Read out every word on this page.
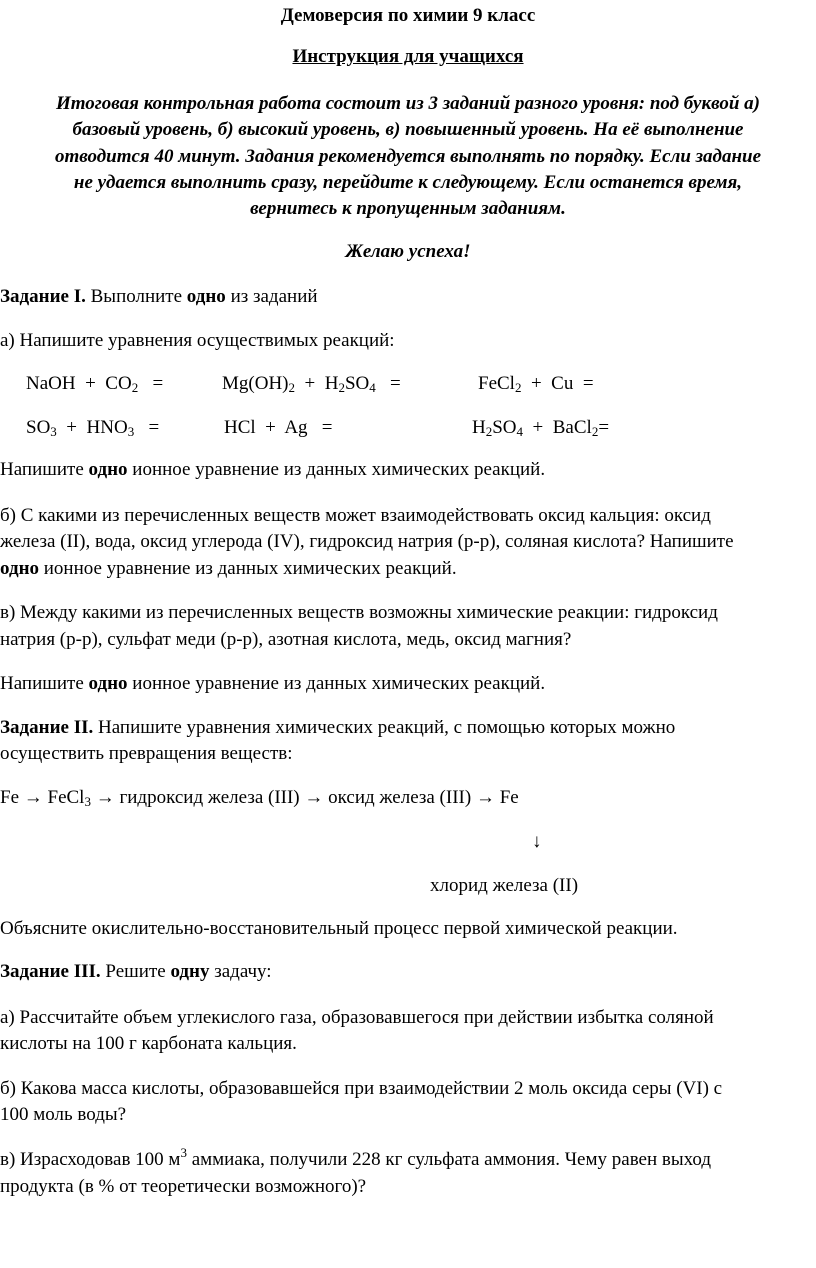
Демоверсия по химии 9 класс
Инструкция для учащихся
Итоговая контрольная работа состоит из 3 заданий разного уровня: под буквой а)
базовый уровень, б) высокий уровень, в) повышенный уровень. На её выполнение
отводится 40 минут. Задания рекомендуется выполнять по порядку. Если задание
не удается выполнить сразу, перейдите к следующему. Если останется время,
вернитесь к пропущенным заданиям.
Желаю успеха!
Задание I. Выполните одно из заданий
а) Напишите уравнения осуществимых реакций:
NaOH  +  $CO_2$   =	$Mg(OH)_2 + H_2SO_4$   =	FeCl$_2$  +  Cu  =
$SO_3 + HNO_3$   =	HCl  +  Ag   =	$H_2SO_4$  +  BaCl$_2$=
Напишите одно ионное уравнение из данных химических реакций.
б) С какими из перечисленных веществ может взаимодействовать оксид кальция: оксид
железа (II), вода, оксид углерода (IV), гидроксид натрия (р-р), соляная кислота? Напишите
одно ионное уравнение из данных химических реакций.
в) Между какими из перечисленных веществ возможны химические реакции: гидроксид
натрия (р-р), сульфат меди (р-р), азотная кислота, медь, оксид магния?
Напишите одно ионное уравнение из данных химических реакций.
Задание II. Напишите уравнения химических реакций, с помощью которых можно
осуществить превращения веществ:
Fe → FeCl$_3$ → гидроксид железа (III) → оксид железа (III) → Fe
↓
хлорид железа (II)
Объясните окислительно-восстановительный процесс первой химической реакции.
Задание III. Решите одну задачу:
а) Рассчитайте объем углекислого газа, образовавшегося при действии избытка соляной
кислоты на 100 г карбоната кальция.
б) Какова масса кислоты, образовавшейся при взаимодействии 2 моль оксида серы (VI) с
100 моль воды?
в) Израсходовав 100 $м^3$ аммиака, получили 228 кг сульфата аммония. Чему равен выход
продукта (в % от теоретически возможного)?
